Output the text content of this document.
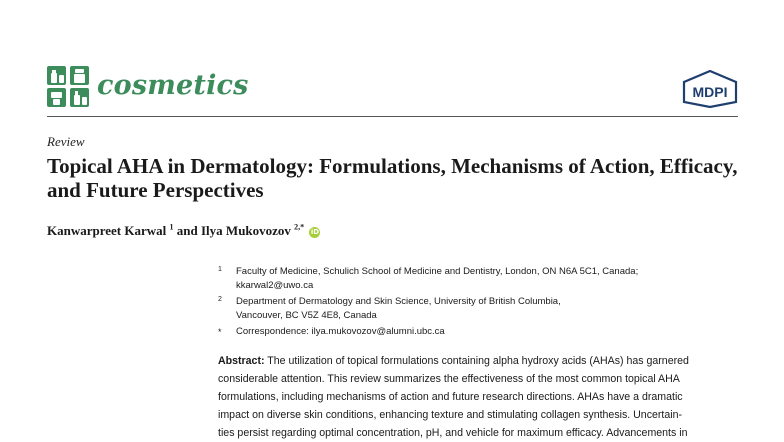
cosmetics	MDPI
Review
Topical AHA in Dermatology: Formulations, Mechanisms of Action, Efficacy, and Future Perspectives
Kanwarpreet Karwal $^1$ and Ilya Mukovozov $^{2,*}$ iD
1 Faculty of Medicine, Schulich School of Medicine and Dentistry, London, ON N6A 5C1, Canada;
kkarwal2@uwo.ca
2 Department of Dermatology and Skin Science, University of British Columbia,
Vancouver, BC V5Z 4E8, Canada
* Correspondence: ilya.mukovozov@alumni.ubc.ca
Abstract: The utilization of topical formulations containing alpha hydroxy acids (AHAs) has garnered
considerable attention. This review summarizes the effectiveness of the most common topical AHA
formulations, including mechanisms of action and future research directions. AHAs have a dramatic
impact on diverse skin conditions, enhancing texture and stimulating collagen synthesis. Uncertain-
ties persist regarding optimal concentration, pH, and vehicle for maximum efficacy. Advancements in
